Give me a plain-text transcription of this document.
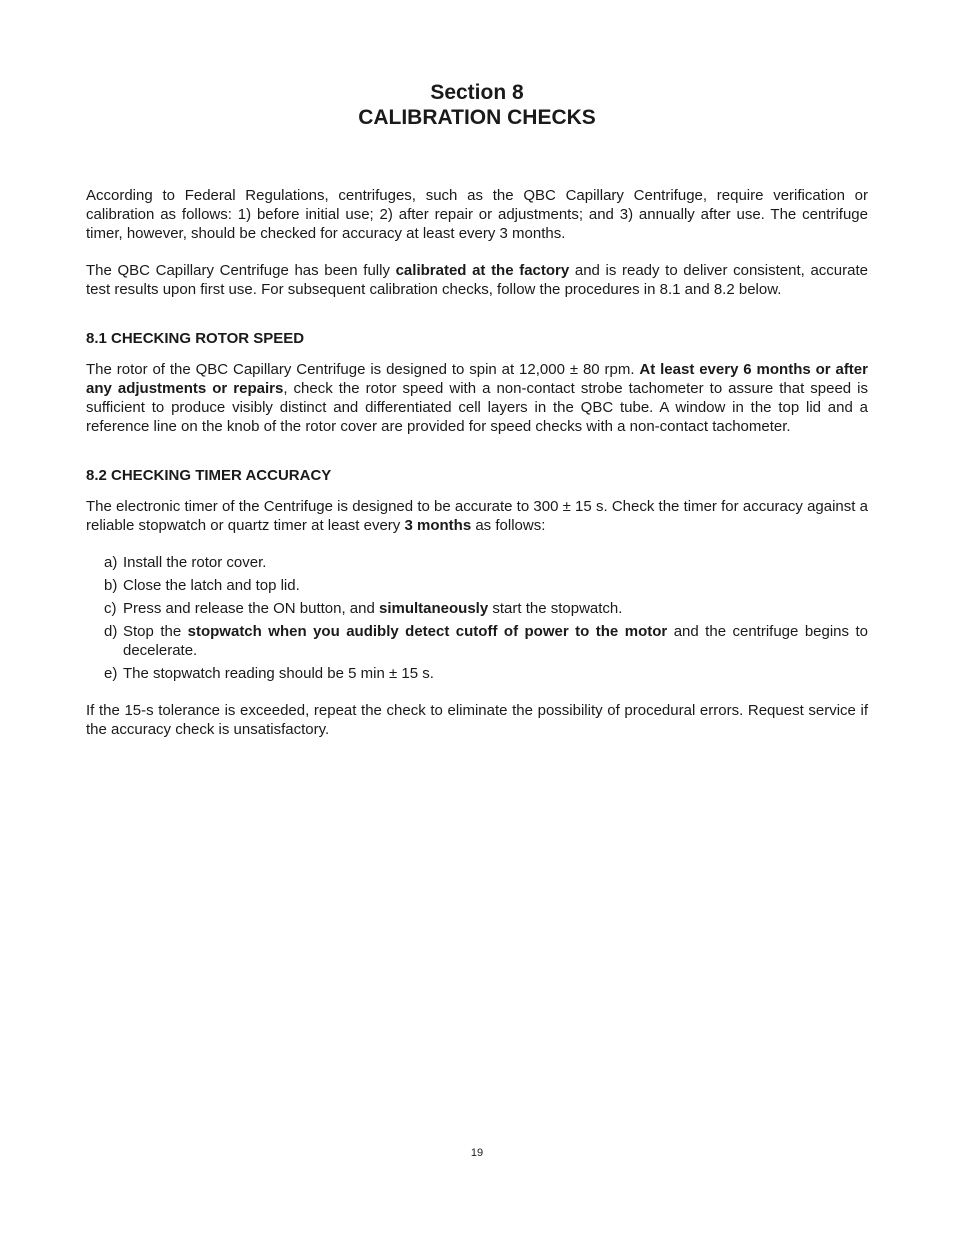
Section 8
CALIBRATION CHECKS

According to Federal Regulations, centrifuges, such as the QBC Capillary Centrifuge, require verification or calibration as follows: 1) before initial use; 2) after repair or adjustments; and 3) annually after use. The centrifuge timer, however, should be checked for accuracy at least every 3 months.

The QBC Capillary Centrifuge has been fully calibrated at the factory and is ready to deliver consistent, accurate test results upon first use. For subsequent calibration checks, follow the procedures in 8.1 and 8.2 below.

8.1 CHECKING ROTOR SPEED

The rotor of the QBC Capillary Centrifuge is designed to spin at 12,000 ± 80 rpm. At least every 6 months or after any adjustments or repairs, check the rotor speed with a non-contact strobe tachometer to assure that speed is sufficient to produce visibly distinct and differentiated cell layers in the QBC tube. A window in the top lid and a reference line on the knob of the rotor cover are provided for speed checks with a non-contact tachometer.

8.2 CHECKING TIMER ACCURACY

The electronic timer of the Centrifuge is designed to be accurate to 300 ± 15 s. Check the timer for accuracy against a reliable stopwatch or quartz timer at least every 3 months as follows:

a) Install the rotor cover.
b) Close the latch and top lid.
c) Press and release the ON button, and simultaneously start the stopwatch.
d) Stop the stopwatch when you audibly detect cutoff of power to the motor and the centrifuge begins to decelerate.
e) The stopwatch reading should be 5 min ± 15 s.

If the 15-s tolerance is exceeded, repeat the check to eliminate the possibility of procedural errors. Request service if the accuracy check is unsatisfactory.

19
